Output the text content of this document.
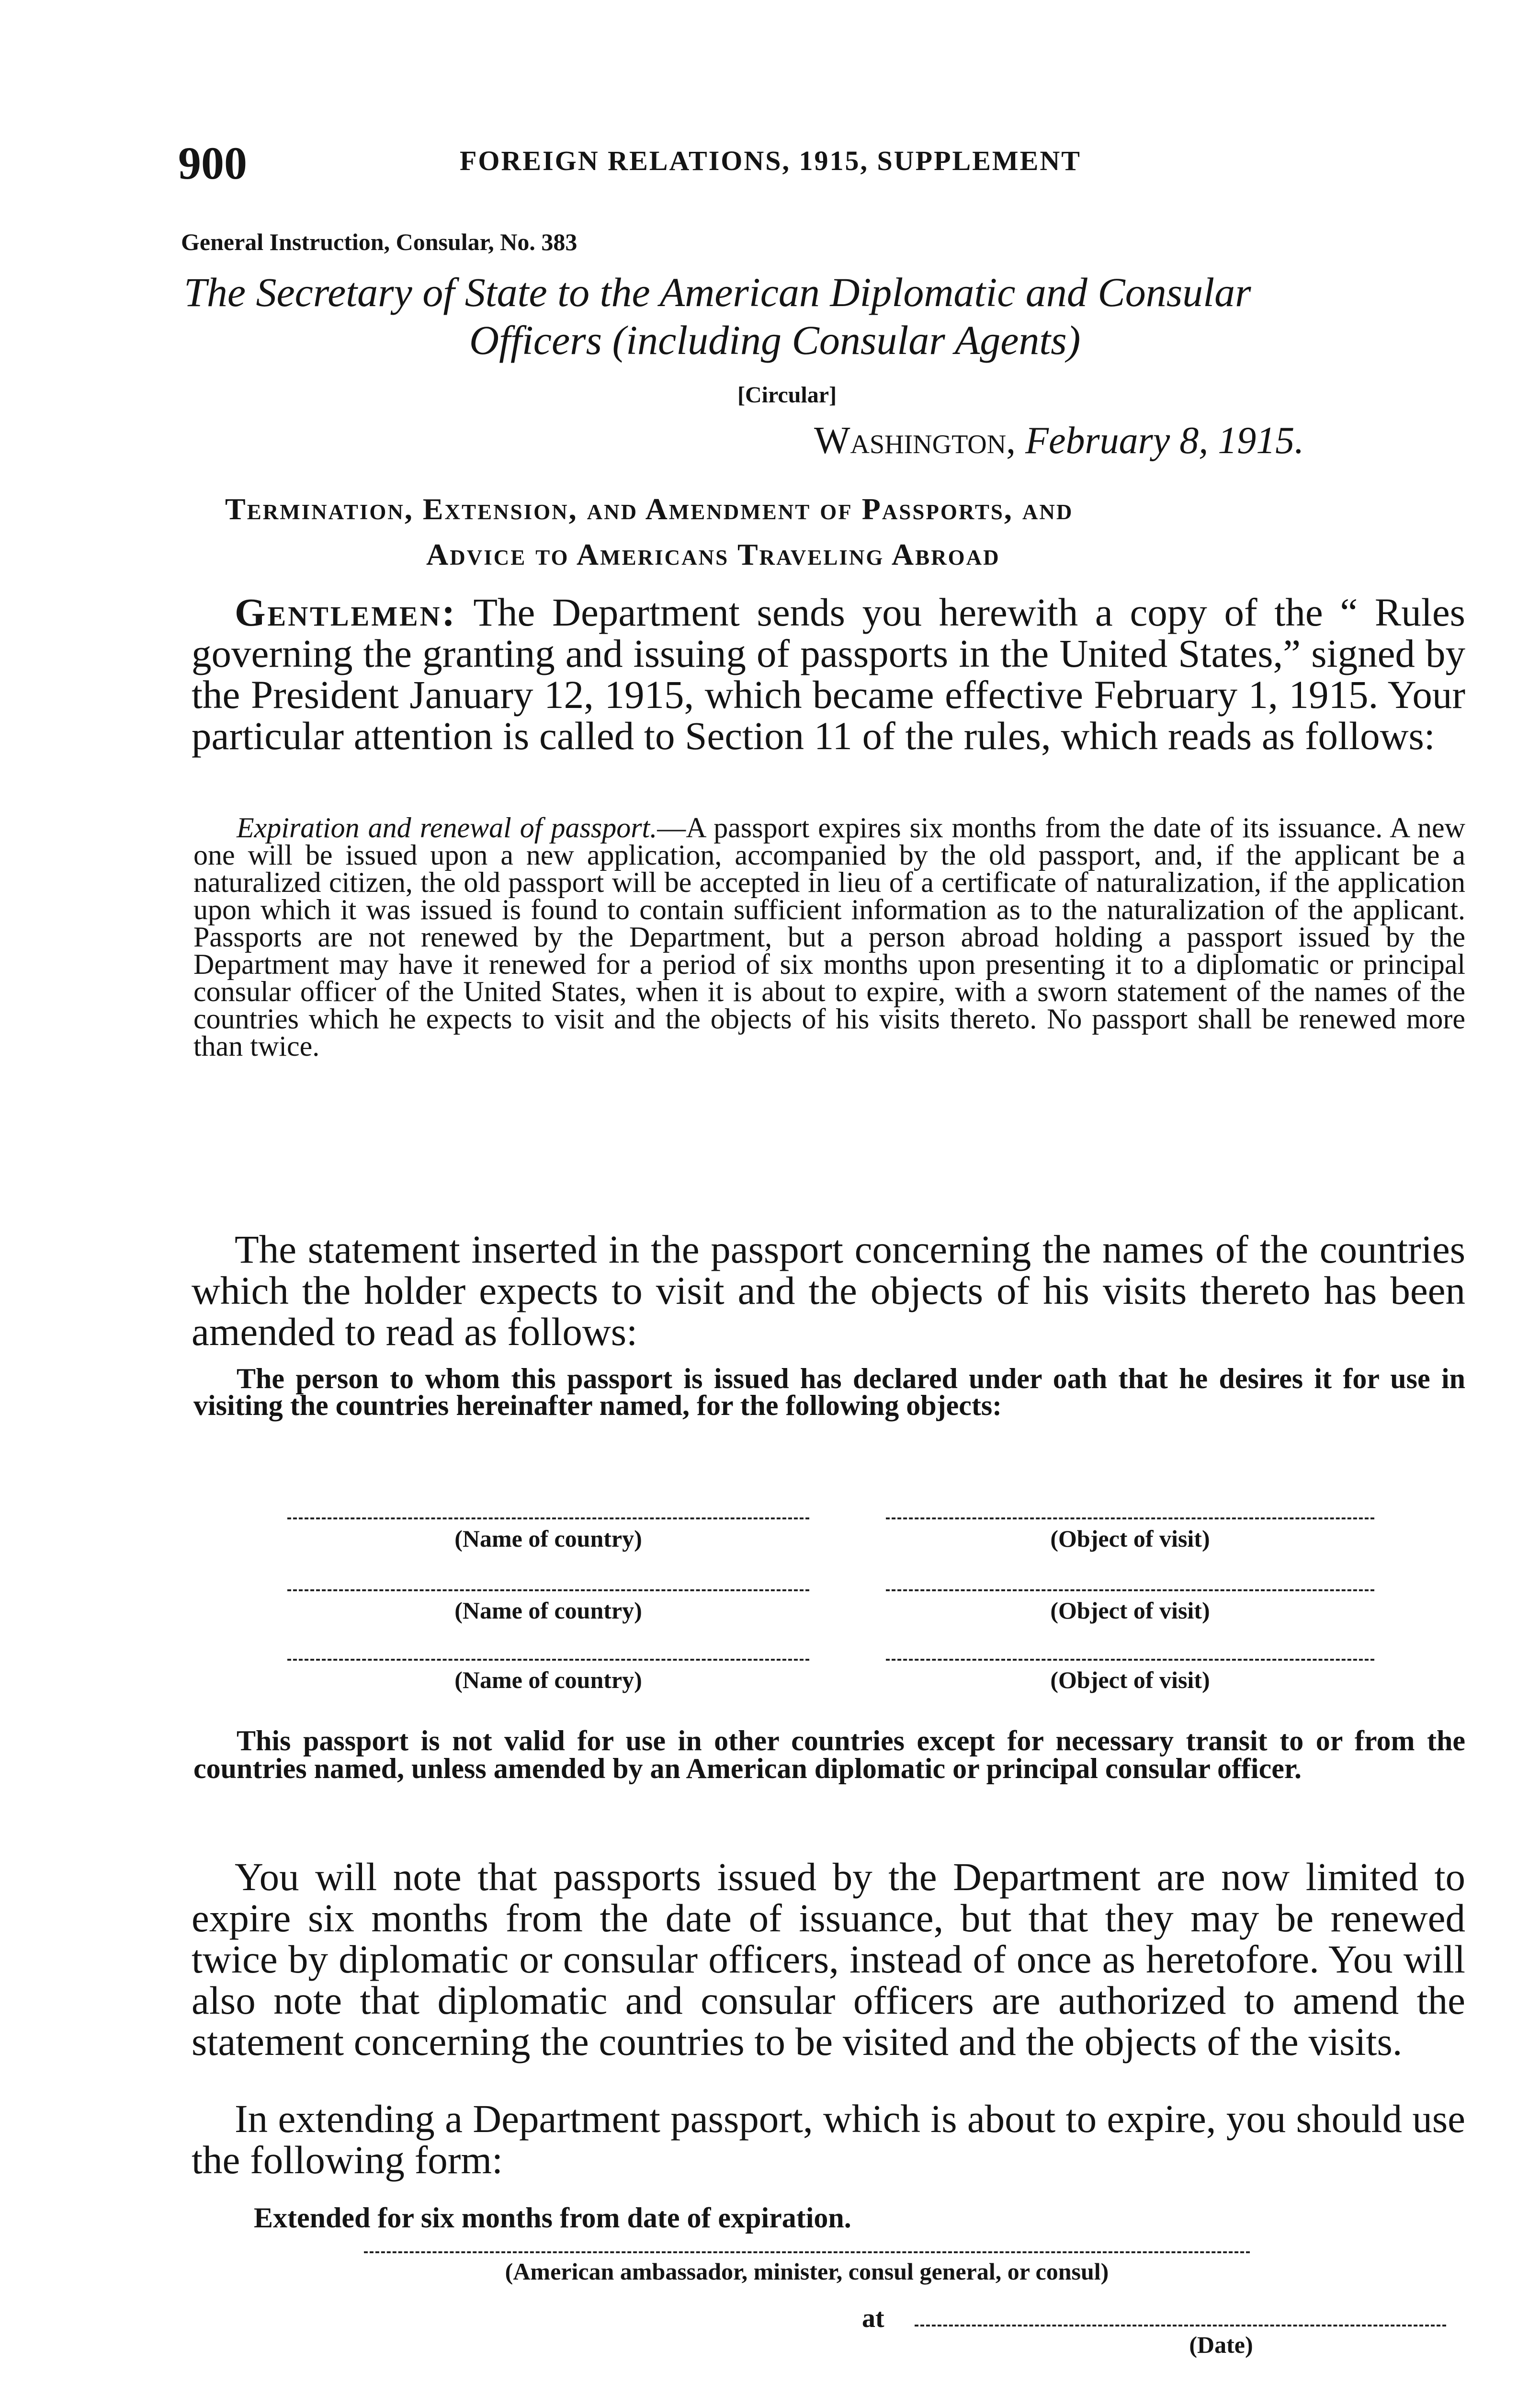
900	FOREIGN RELATIONS, 1915, SUPPLEMENT
General Instruction, Consular, No. 383
The Secretary of State to the American Diplomatic and Consular
Officers (including Consular Agents)
[Circular]
Washington, February 8, 1915.
Termination, Extension, and Amendment of Passports, and
Advice to Americans Traveling Abroad
Gentlemen: The Department sends you herewith a copy of the “ Rules governing the granting and issuing of passports in the United States,” signed by the President January 12, 1915, which became effective February 1, 1915. Your particular attention is called to Section 11 of the rules, which reads as follows:
Expiration and renewal of passport.—A passport expires six months from the date of its issuance. A new one will be issued upon a new application, accompanied by the old passport, and, if the applicant be a naturalized citizen, the old passport will be accepted in lieu of a certificate of naturalization, if the application upon which it was issued is found to contain sufficient information as to the naturalization of the applicant. Passports are not renewed by the Department, but a person abroad holding a passport issued by the Department may have it renewed for a period of six months upon presenting it to a diplomatic or principal consular officer of the United States, when it is about to expire, with a sworn statement of the names of the countries which he expects to visit and the objects of his visits thereto. No passport shall be renewed more than twice.
The statement inserted in the passport concerning the names of the countries which the holder expects to visit and the objects of his visits thereto has been amended to read as follows:
The person to whom this passport is issued has declared under oath that he desires it for use in visiting the countries hereinafter named, for the following objects:
(Name of country)	(Object of visit)
(Name of country)	(Object of visit)
(Name of country)	(Object of visit)
This passport is not valid for use in other countries except for necessary transit to or from the countries named, unless amended by an American diplomatic or principal consular officer.
You will note that passports issued by the Department are now limited to expire six months from the date of issuance, but that they may be renewed twice by diplomatic or consular officers, instead of once as heretofore. You will also note that diplomatic and consular officers are authorized to amend the statement concerning the countries to be visited and the objects of the visits.
In extending a Department passport, which is about to expire, you should use the following form:
Extended for six months from date of expiration.
(American ambassador, minister, consul general, or consul)
at
(Date)
